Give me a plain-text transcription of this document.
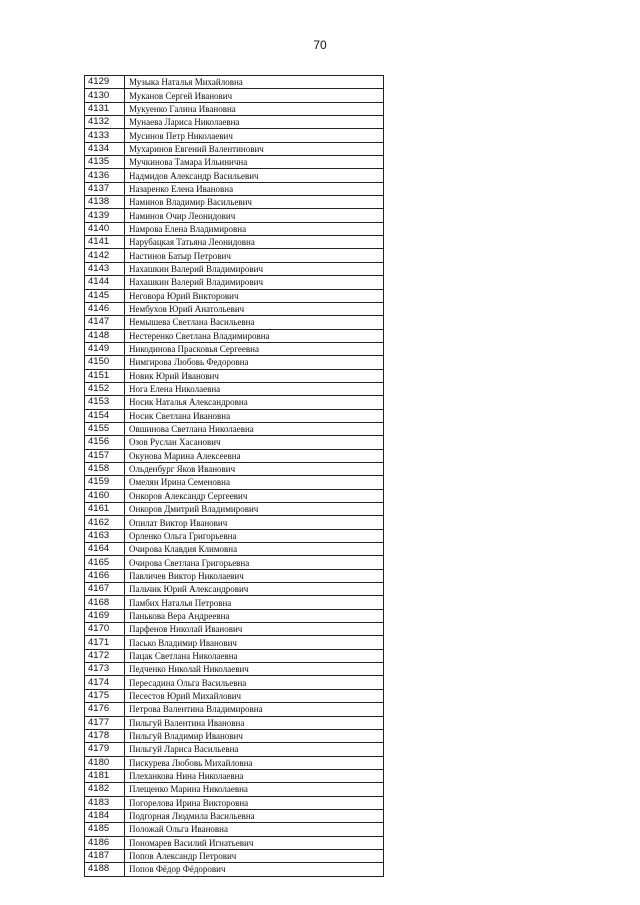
70
4129	Музыка Наталья Михайловна
4130	Муканов Сергей Иванович
4131	Мукуенко Галина Ивановна
4132	Мунаева Лариса Николаевна
4133	Мусинов Петр Николаевич
4134	Мухаринов Евгений Валентинович
4135	Мучкинова Тамара Ильинична
4136	Надмидов Александр Васильевич
4137	Назаренко Елена Ивановна
4138	Наминов Владимир Васильевич
4139	Наминов Очир Леонидович
4140	Намрова Елена Владимировна
4141	Нарубацкая Татьяна Леонидовна
4142	Настинов Батыр Петрович
4143	Нахашкин Валерий Владимирович
4144	Нахашкин Валерий Владимирович
4145	Неговора Юрий Викторович
4146	Нембухов Юрий Анатольевич
4147	Немышева Светлана Васильевна
4148	Нестеренко Светлана Владимировна
4149	Никодинова Прасковья Сергеевна
4150	Нимгирова Любовь Федоровна
4151	Новик Юрий Иванович
4152	Нога Елена Николаевна
4153	Носик Наталья Александровна
4154	Носик Светлана Ивановна
4155	Овшинова Светлана Николаевна
4156	Озов Руслан Хасанович
4157	Окунова Марина Алексеевна
4158	Ольденбург Яков Иванович
4159	Омелян Ирина Семеновна
4160	Онкоров Александр Сергеевич
4161	Онкоров Дмитрий Владимирович
4162	Опилат Виктор Иванович
4163	Орленко Ольга Григорьевна
4164	Очирова Клавдия Климовна
4165	Очирова Светлана Григорьевна
4166	Павличев Виктор Николаевич
4167	Пальчик Юрий Александрович
4168	Памбих Наталья Петровна
4169	Панькова Вера Андреевна
4170	Парфенов Николай Иванович
4171	Пасько Владимир Иванович
4172	Пацак Светлана Николаевна
4173	Педченко Николай Николаевич
4174	Пересадина Ольга Васильевна
4175	Песестов Юрий Михайлович
4176	Петрова Валентина Владимировна
4177	Пильгуй Валентина Ивановна
4178	Пильгуй Владимир Иванович
4179	Пильгуй Лариса Васильевна
4180	Пискурева Любовь Михайловна
4181	Плеханкова Нина Николаевна
4182	Плещенко Марина Николаевна
4183	Погорелова Ирина Викторовна
4184	Подгорная Людмила Васильевна
4185	Положай Ольга Ивановна
4186	Пономарев Василий Игнатьевич
4187	Попов Александр Петрович
4188	Попов Фёдор Фёдорович
